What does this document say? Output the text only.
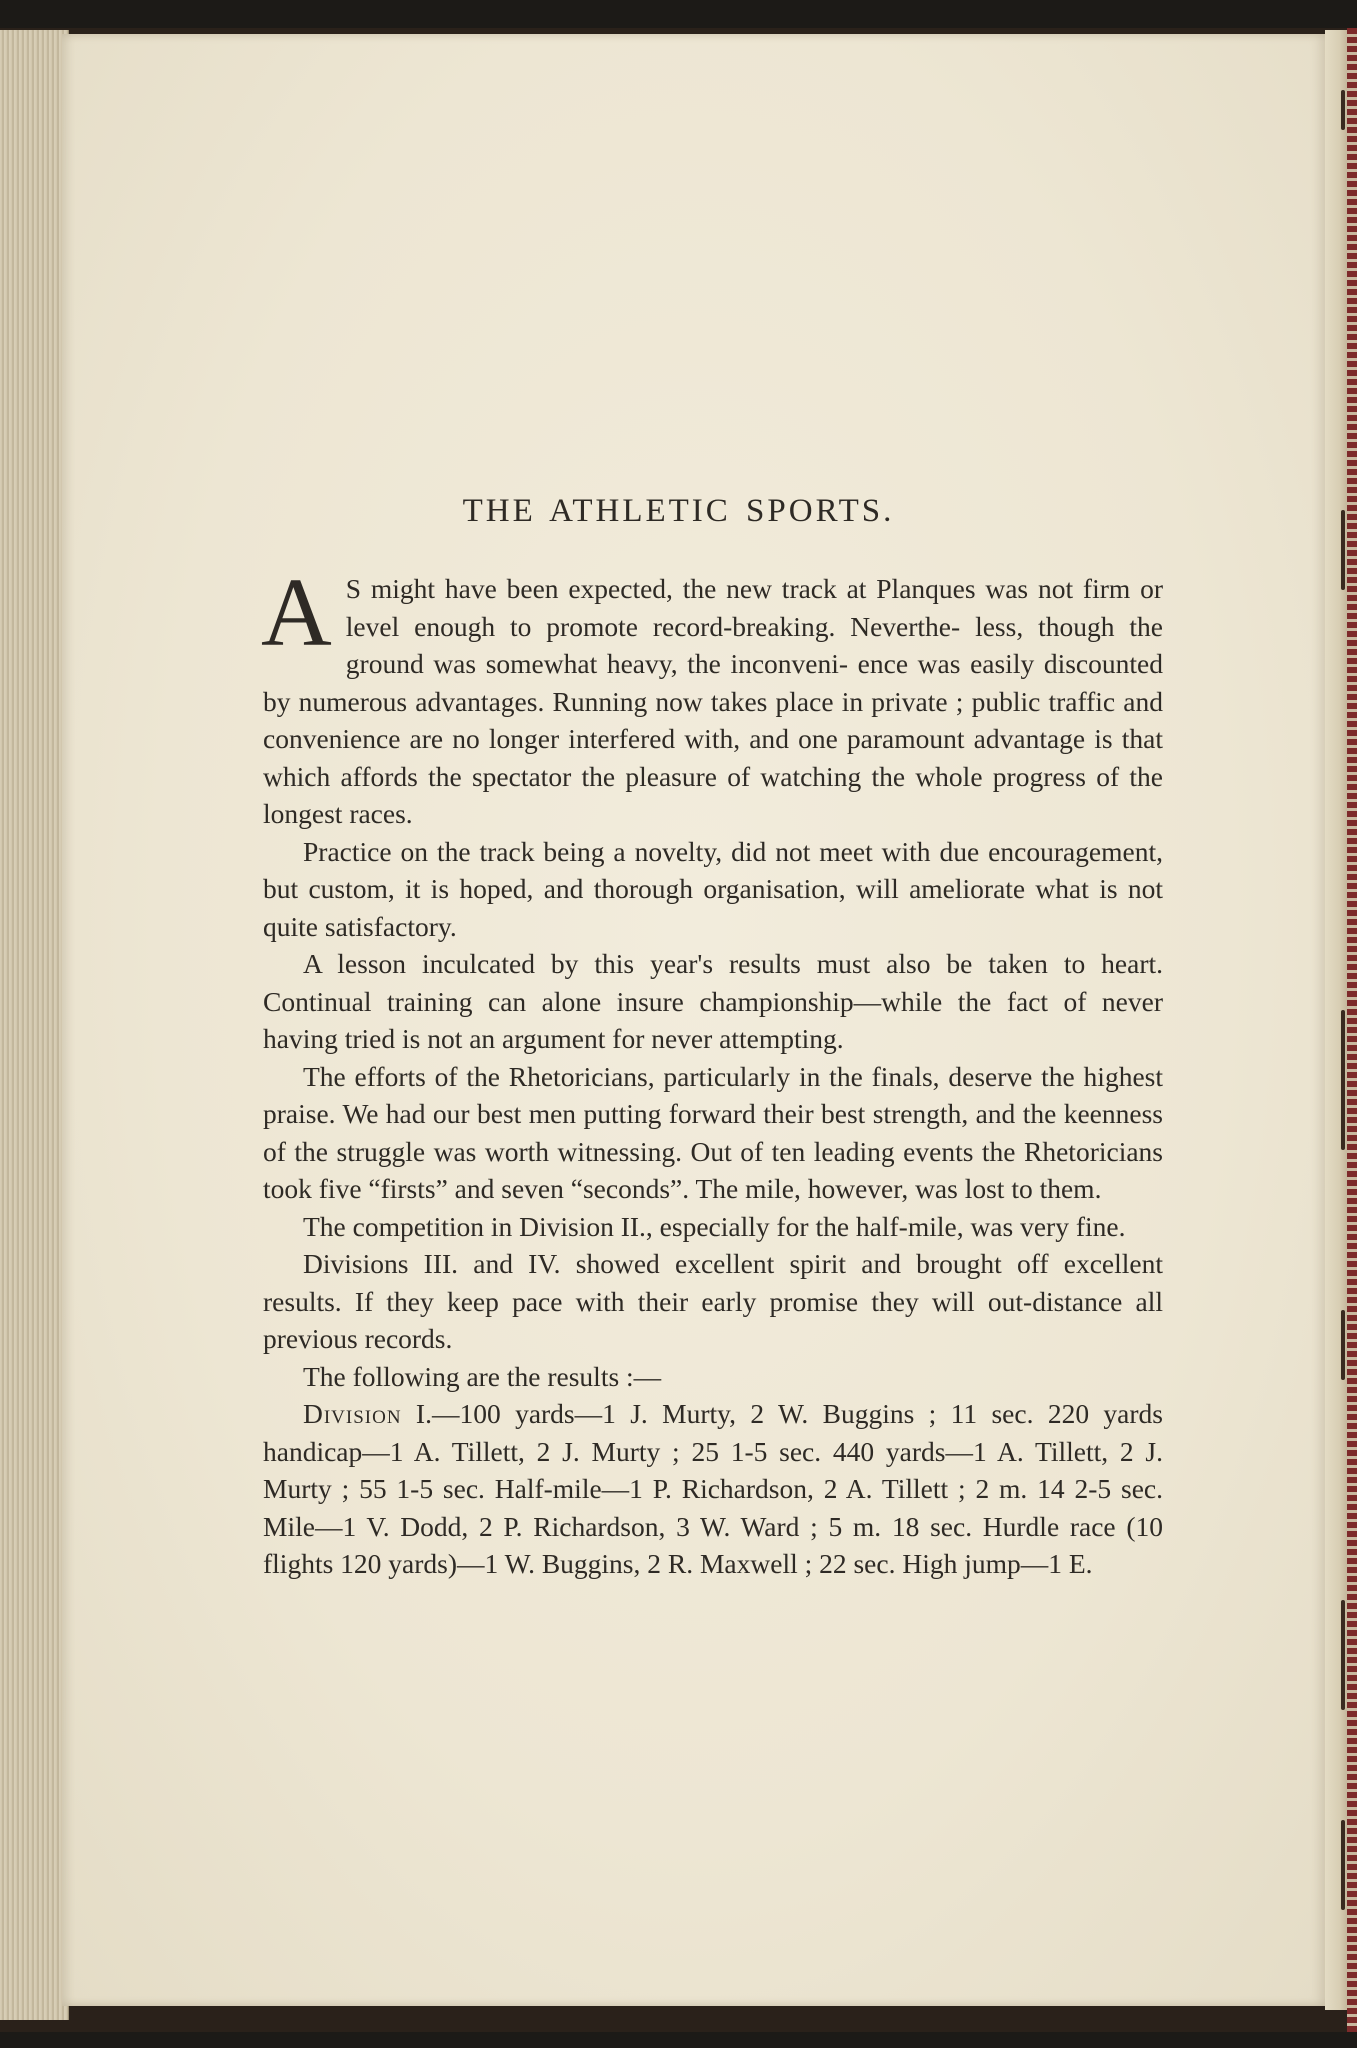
THE ATHLETIC SPORTS.

A S might have been expected, the new track at Planques was not firm or level enough to promote record-breaking. Neverthe- less, though the ground was somewhat heavy, the inconveni- ence was easily discounted by numerous advantages. Running now takes place in private ; public traffic and convenience are no longer interfered with, and one paramount advantage is that which affords the spectator the pleasure of watching the whole progress of the longest races.

Practice on the track being a novelty, did not meet with due encouragement, but custom, it is hoped, and thorough organisation, will ameliorate what is not quite satisfactory.

A lesson inculcated by this year's results must also be taken to heart. Continual training can alone insure championship—while the fact of never having tried is not an argument for never attempting.

The efforts of the Rhetoricians, particularly in the finals, deserve the highest praise. We had our best men putting forward their best strength, and the keenness of the struggle was worth witnessing. Out of ten leading events the Rhetoricians took five “firsts” and seven “seconds”. The mile, however, was lost to them.

The competition in Division II., especially for the half-mile, was very fine.

Divisions III. and IV. showed excellent spirit and brought off excellent results. If they keep pace with their early promise they will out-distance all previous records.

The following are the results :—

Division I.—100 yards—1 J. Murty, 2 W. Buggins ; 11 sec. 220 yards handicap—1 A. Tillett, 2 J. Murty ; 25 1-5 sec. 440 yards—1 A. Tillett, 2 J. Murty ; 55 1-5 sec. Half-mile—1 P. Richardson, 2 A. Tillett ; 2 m. 14 2-5 sec. Mile—1 V. Dodd, 2 P. Richardson, 3 W. Ward ; 5 m. 18 sec. Hurdle race (10 flights 120 yards)—1 W. Buggins, 2 R. Maxwell ; 22 sec. High jump—1 E.
